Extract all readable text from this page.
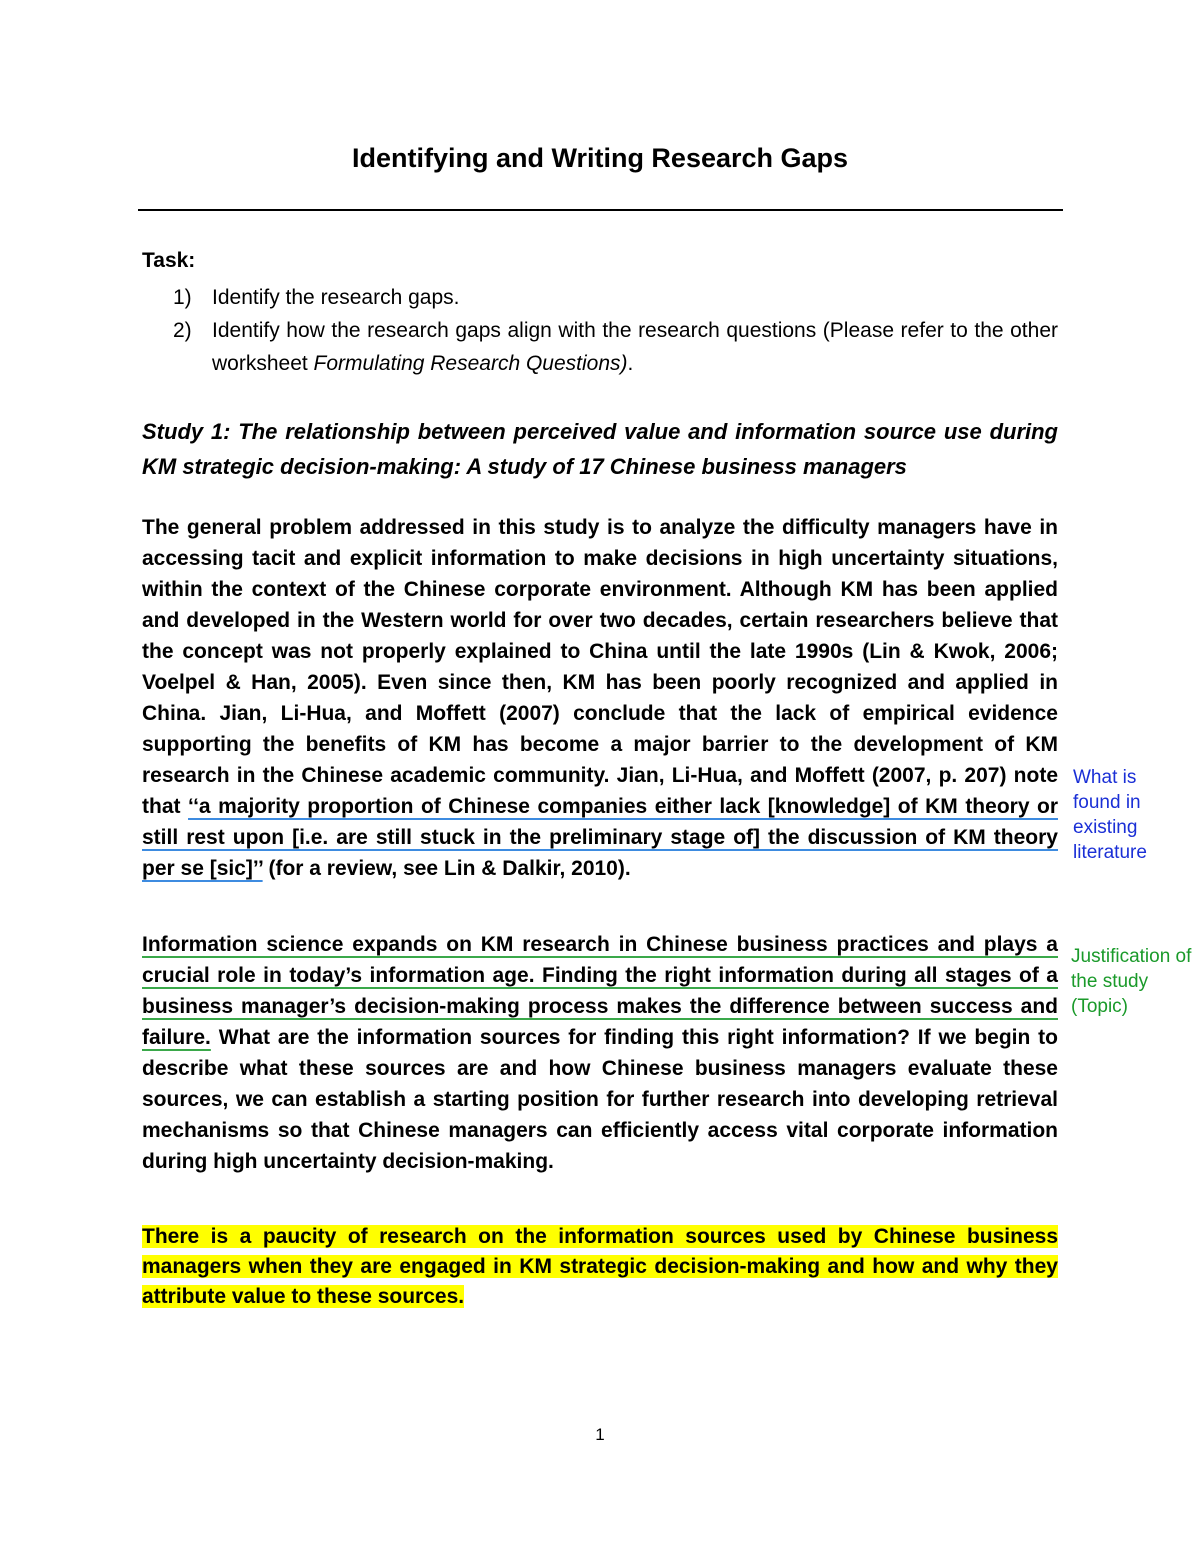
Identifying and Writing Research Gaps

Task:

1) Identify the research gaps.
2) Identify how the research gaps align with the research questions (Please refer to the other worksheet Formulating Research Questions).

Study 1: The relationship between perceived value and information source use during KM strategic decision-making: A study of 17 Chinese business managers

The general problem addressed in this study is to analyze the difficulty managers have in accessing tacit and explicit information to make decisions in high uncertainty situations, within the context of the Chinese corporate environment. Although KM has been applied and developed in the Western world for over two decades, certain researchers believe that the concept was not properly explained to China until the late 1990s (Lin & Kwok, 2006; Voelpel & Han, 2005). Even since then, KM has been poorly recognized and applied in China. Jian, Li-Hua, and Moffett (2007) conclude that the lack of empirical evidence supporting the benefits of KM has become a major barrier to the development of KM research in the Chinese academic community. Jian, Li-Hua, and Moffett (2007, p. 207) note that ‘‘a majority proportion of Chinese companies either lack [knowledge] of KM theory or still rest upon [i.e. are still stuck in the preliminary stage of] the discussion of KM theory per se [sic]’’ (for a review, see Lin & Dalkir, 2010).

Information science expands on KM research in Chinese business practices and plays a crucial role in today’s information age. Finding the right information during all stages of a business manager’s decision-making process makes the difference between success and failure. What are the information sources for finding this right information? If we begin to describe what these sources are and how Chinese business managers evaluate these sources, we can establish a starting position for further research into developing retrieval mechanisms so that Chinese managers can efficiently access vital corporate information during high uncertainty decision-making.

There is a paucity of research on the information sources used by Chinese business managers when they are engaged in KM strategic decision-making and how and why they attribute value to these sources.

What is found in existing literature

Justification of the study (Topic)

1
